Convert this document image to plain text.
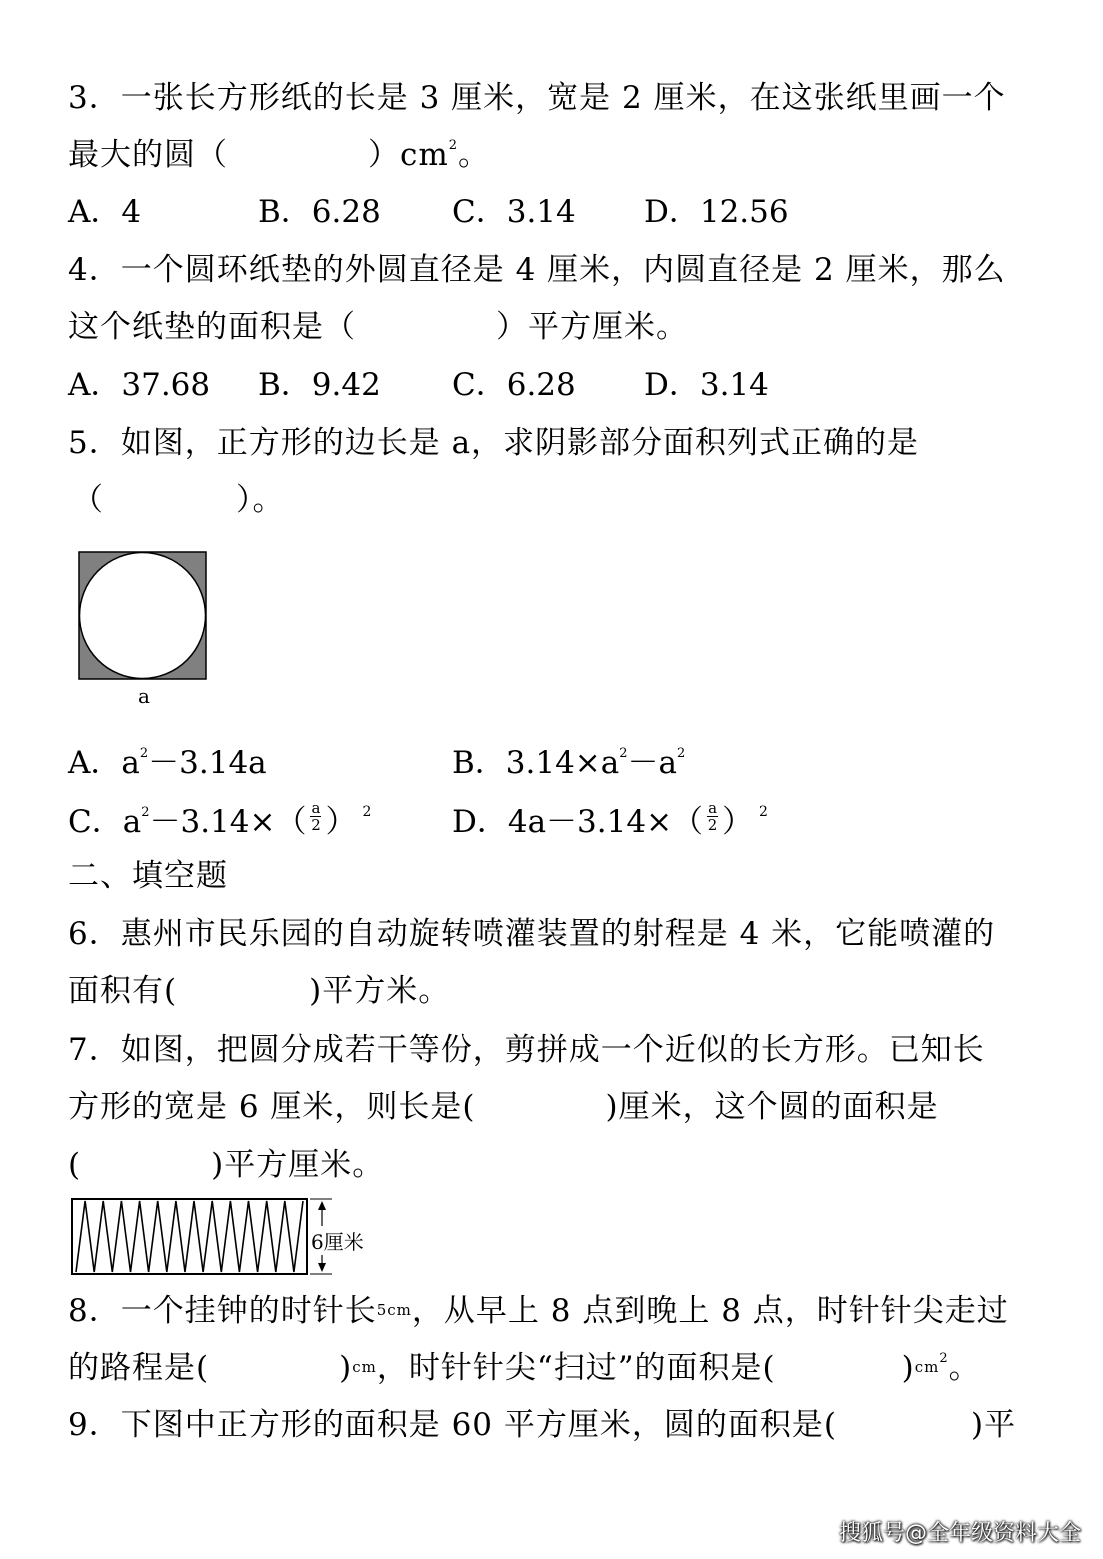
3．一张长方形纸的长是 3 厘米，宽是 2 厘米，在这张纸里画一个
最大的圆（	）$cm^2$。
A．4	B．6.28 C．3.14 D．12.56
4．一个圆环纸垫的外圆直径是 4 厘米，内圆直径是 2 厘米，那么
这个纸垫的面积是（	）平方厘米。
A．37.68 B．9.42 C．6.28 D．3.14
5．如图，正方形的边长是 a，求阴影部分面积列式正确的是
（	）。
a
A．$a^2-3.14a$	B．$3.14\times a^2-a^2$
C．$a^2-3.14\times( \frac{a}{2}$ ） $^2$	D．$4a-3.14\times( \frac{a}{2}$ ） $^2$
二、填空题
6．惠州市民乐园的自动旋转喷灌装置的射程是 4 米，它能喷灌的
面积有(	)平方米。
7．如图，把圆分成若干等份，剪拼成一个近似的长方形。已知长
方形的宽是 6 厘米，则长是(	)厘米，这个圆的面积是
(	)平方厘米。
6厘米
8．一个挂钟的时针长5cm，从早上 8 点到晚上 8 点，时针针尖走过
的路程是(	)cm，时针针尖“扫过”的面积是(	)$cm^2$。
9．下图中正方形的面积是 60 平方厘米，圆的面积是(	)平
搜狐号@全年级资料大全
